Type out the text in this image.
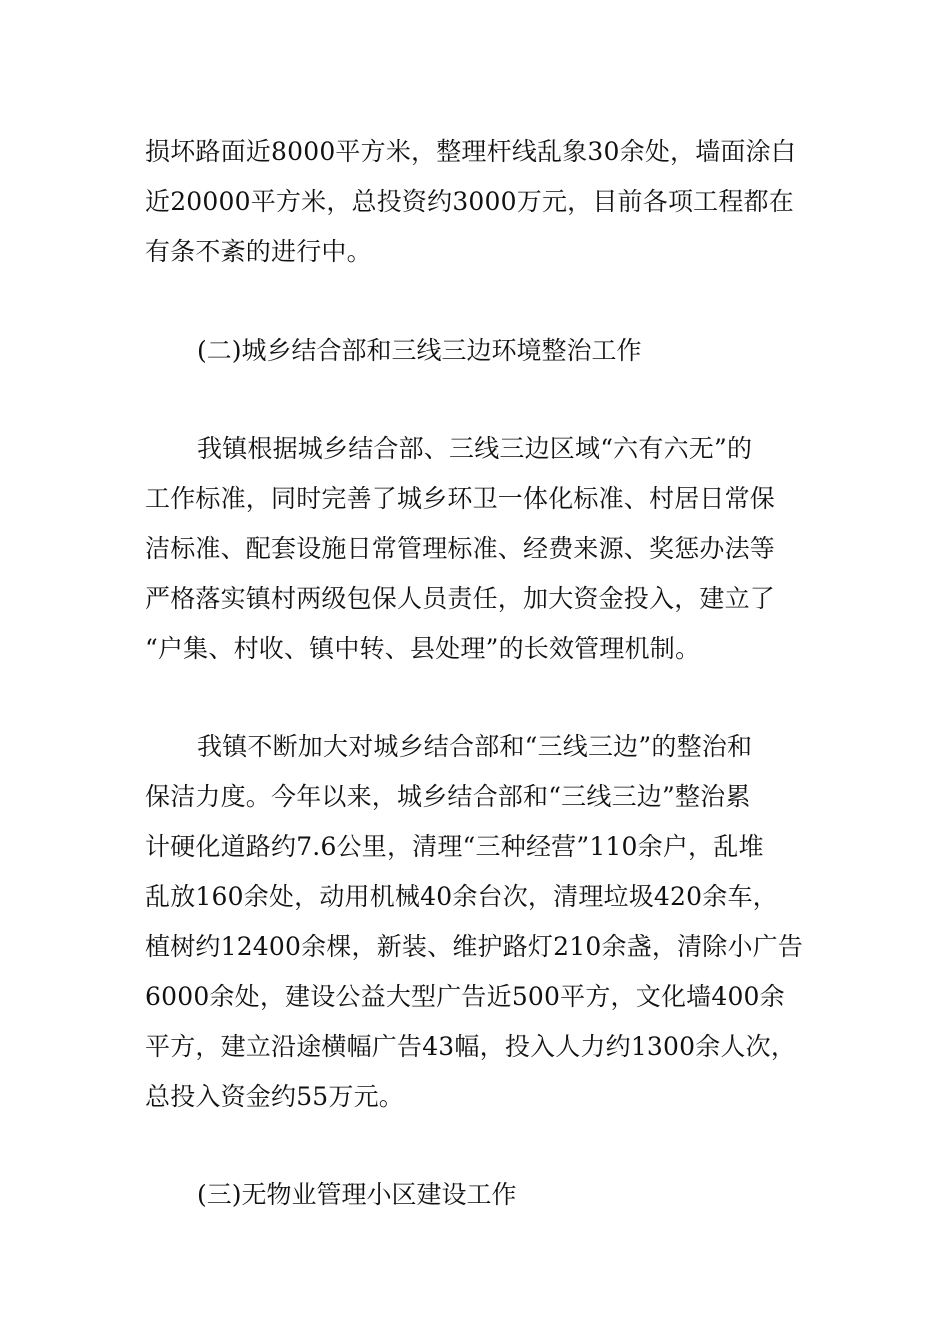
损坏路面近8000平方米，整理杆线乱象30余处，墙面涂白
近20000平方米，总投资约3000万元，目前各项工程都在
有条不紊的进行中。
(二)城乡结合部和三线三边环境整治工作
我镇根据城乡结合部、三线三边区域“六有六无”的
工作标准，同时完善了城乡环卫一体化标准、村居日常保
洁标准、配套设施日常管理标准、经费来源、奖惩办法等
严格落实镇村两级包保人员责任，加大资金投入，建立了
“户集、村收、镇中转、县处理”的长效管理机制。
我镇不断加大对城乡结合部和“三线三边”的整治和
保洁力度。今年以来，城乡结合部和“三线三边”整治累
计硬化道路约7.6公里，清理“三种经营”110余户，乱堆
乱放160余处，动用机械40余台次，清理垃圾420余车，
植树约12400余棵，新装、维护路灯210余盏，清除小广告
6000余处，建设公益大型广告近500平方，文化墙400余
平方，建立沿途横幅广告43幅，投入人力约1300余人次，
总投入资金约55万元。
(三)无物业管理小区建设工作
